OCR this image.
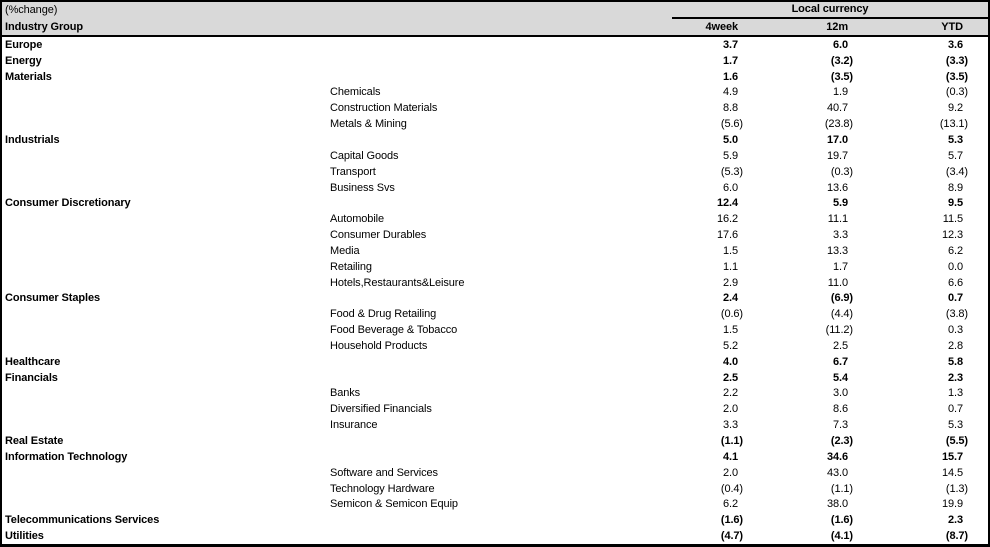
(%change)	Local currency
Industry Group	4week	12m	YTD
Europe	3.7	6.0	3.6
Energy	1.7	(3.2)	(3.3)
Materials	1.6	(3.5)	(3.5)
Chemicals	4.9	1.9	(0.3)
Construction Materials	8.8	40.7	9.2
Metals & Mining	(5.6)	(23.8)	(13.1)
Industrials	5.0	17.0	5.3
Capital Goods	5.9	19.7	5.7
Transport	(5.3)	(0.3)	(3.4)
Business Svs	6.0	13.6	8.9
Consumer Discretionary	12.4	5.9	9.5
Automobile	16.2	11.1	11.5
Consumer Durables	17.6	3.3	12.3
Media	1.5	13.3	6.2
Retailing	1.1	1.7	0.0
Hotels,Restaurants&Leisure	2.9	11.0	6.6
Consumer Staples	2.4	(6.9)	0.7
Food & Drug Retailing	(0.6)	(4.4)	(3.8)
Food Beverage & Tobacco	1.5	(11.2)	0.3
Household Products	5.2	2.5	2.8
Healthcare	4.0	6.7	5.8
Financials	2.5	5.4	2.3
Banks	2.2	3.0	1.3
Diversified Financials	2.0	8.6	0.7
Insurance	3.3	7.3	5.3
Real Estate	(1.1)	(2.3)	(5.5)
Information Technology	4.1	34.6	15.7
Software and Services	2.0	43.0	14.5
Technology Hardware	(0.4)	(1.1)	(1.3)
Semicon & Semicon Equip	6.2	38.0	19.9
Telecommunications Services	(1.6)	(1.6)	2.3
Utilities	(4.7)	(4.1)	(8.7)
